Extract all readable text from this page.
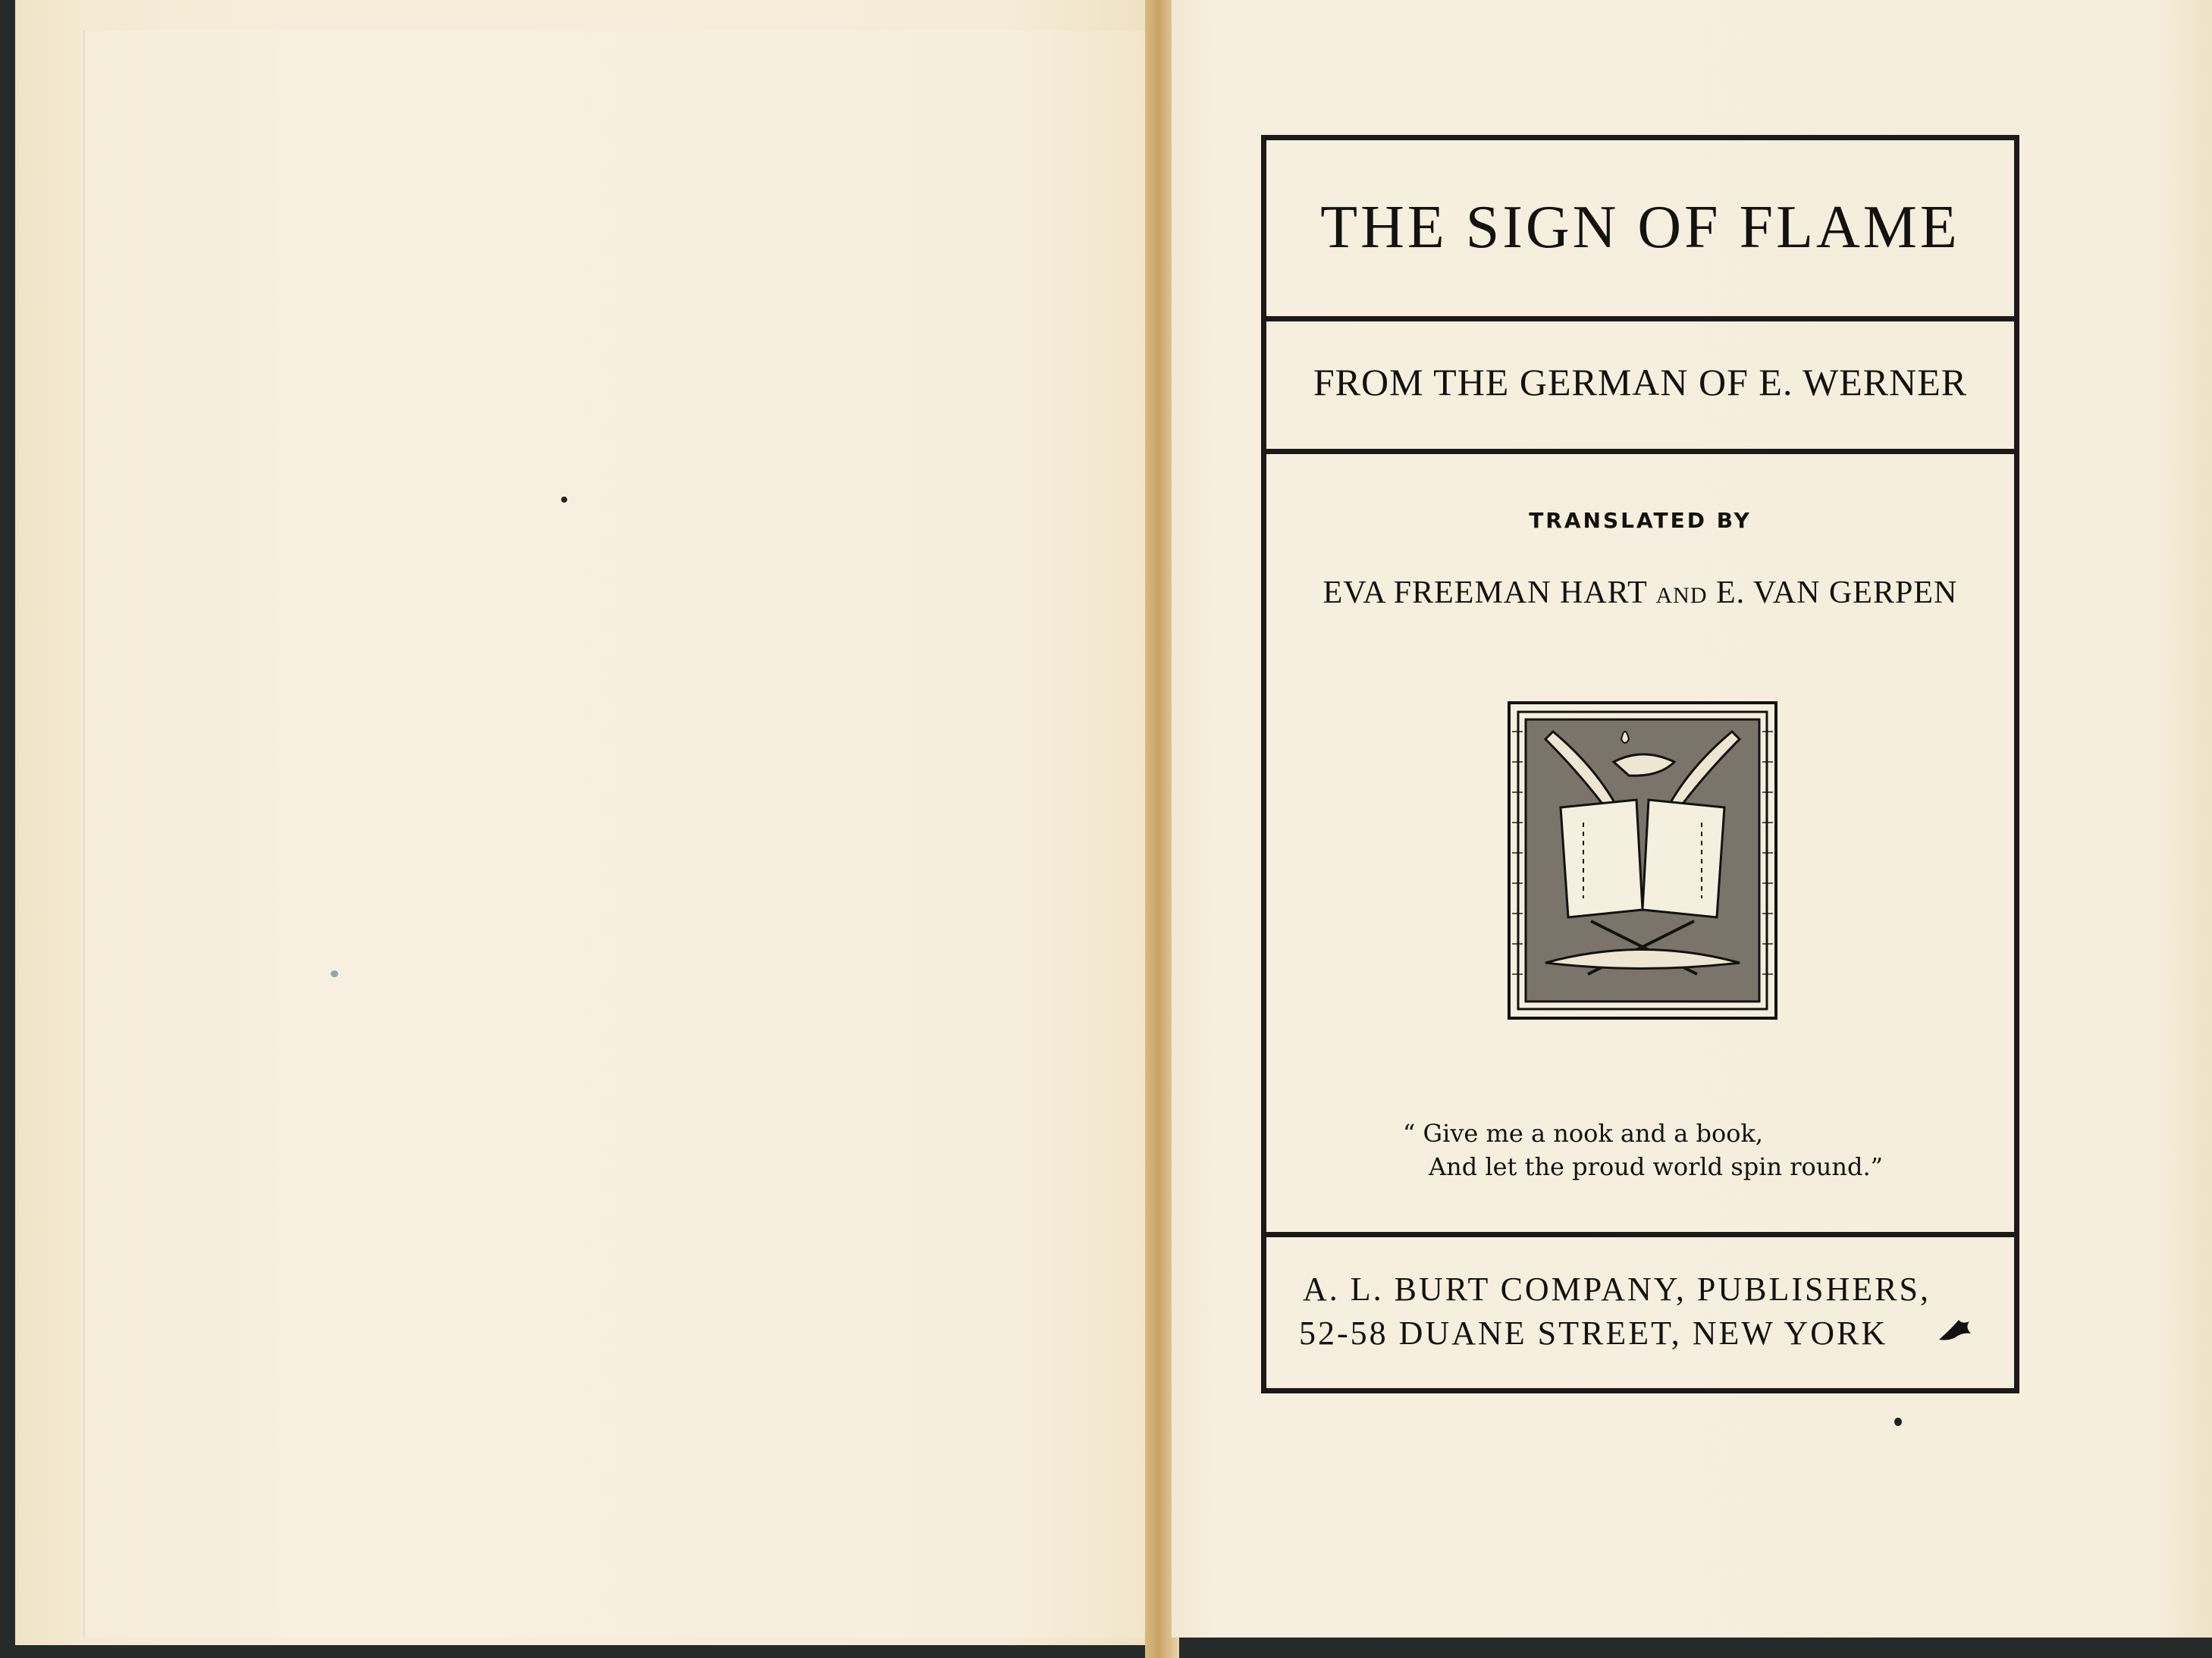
THE SIGN OF FLAME
FROM THE GERMAN OF E. WERNER
TRANSLATED BY
EVA FREEMAN HART AND E. VAN GERPEN
“ Give me a nook and a book,
And let the proud world spin round.”
A. L. BURT COMPANY, PUBLISHERS,
52-58 DUANE STREET, NEW YORK
